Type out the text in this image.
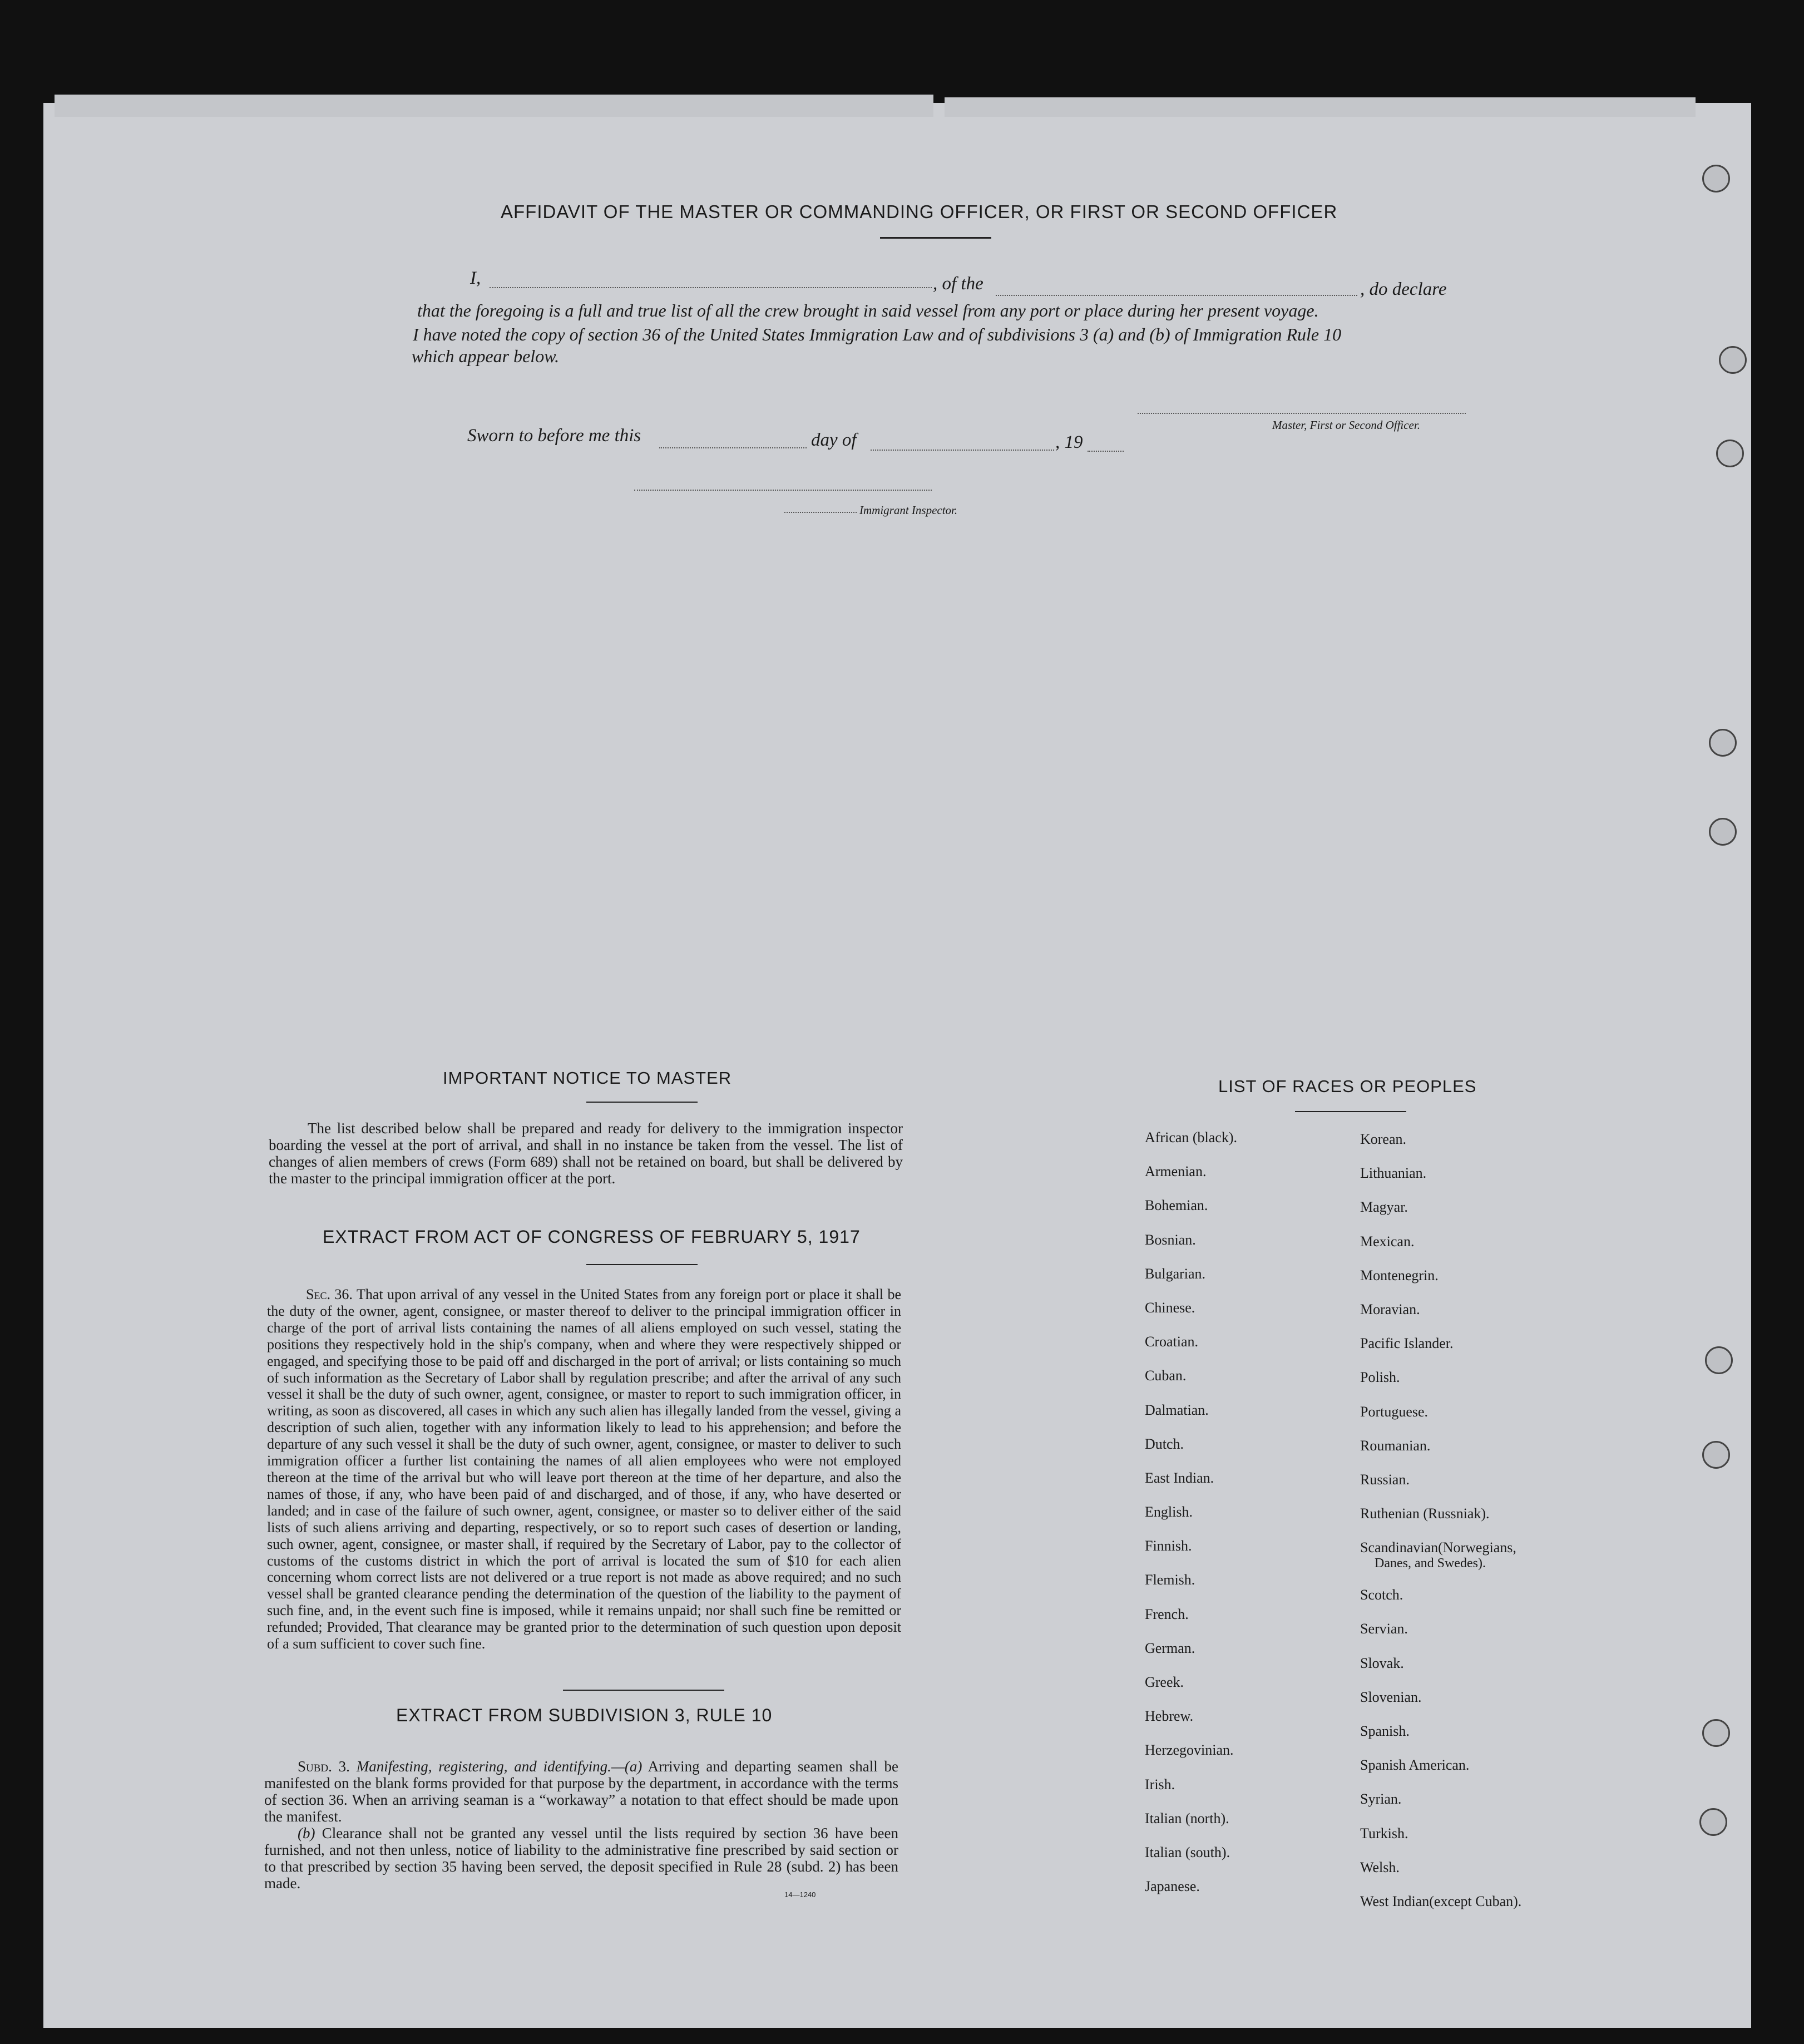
AFFIDAVIT OF THE MASTER OR COMMANDING OFFICER, OR FIRST OR SECOND OFFICER
I,	, of the	, do declare
that the foregoing is a full and true list of all the crew brought in said vessel from any port or place during her present voyage.
I have noted the copy of section 36 of the United States Immigration Law and of subdivisions 3 (a) and (b) of Immigration Rule 10
which appear below.
Master, First or Second Officer.
Sworn to before me this	day of	, 19
Immigrant Inspector.
IMPORTANT NOTICE TO MASTER
The list described below shall be prepared and ready for delivery to the immigration inspector boarding the vessel at the port of arrival, and shall in no instance be taken from the vessel. The list of changes of alien members of crews (Form 689) shall not be retained on board, but shall be delivered by the master to the principal immigration officer at the port.
EXTRACT FROM ACT OF CONGRESS OF FEBRUARY 5, 1917
Sec. 36. That upon arrival of any vessel in the United States from any foreign port or place it shall be the duty of the owner, agent, consignee, or master thereof to deliver to the principal immigration officer in charge of the port of arrival lists containing the names of all aliens employed on such vessel, stating the positions they respectively hold in the ship's company, when and where they were respectively shipped or engaged, and specifying those to be paid off and discharged in the port of arrival; or lists containing so much of such information as the Secretary of Labor shall by regulation prescribe; and after the arrival of any such vessel it shall be the duty of such owner, agent, consignee, or master to report to such immigration officer, in writing, as soon as discovered, all cases in which any such alien has illegally landed from the vessel, giving a description of such alien, together with any information likely to lead to his apprehension; and before the departure of any such vessel it shall be the duty of such owner, agent, consignee, or master to deliver to such immigration officer a further list containing the names of all alien employees who were not employed thereon at the time of the arrival but who will leave port thereon at the time of her departure, and also the names of those, if any, who have been paid of and discharged, and of those, if any, who have deserted or landed; and in case of the failure of such owner, agent, consignee, or master so to deliver either of the said lists of such aliens arriving and departing, respectively, or so to report such cases of desertion or landing, such owner, agent, consignee, or master shall, if required by the Secretary of Labor, pay to the collector of customs of the customs district in which the port of arrival is located the sum of $10 for each alien concerning whom correct lists are not delivered or a true report is not made as above required; and no such vessel shall be granted clearance pending the determination of the question of the liability to the payment of such fine, and, in the event such fine is imposed, while it remains unpaid; nor shall such fine be remitted or refunded; Provided, That clearance may be granted prior to the determination of such question upon deposit of a sum sufficient to cover such fine.
EXTRACT FROM SUBDIVISION 3, RULE 10
Subd. 3. Manifesting, registering, and identifying.—(a) Arriving and departing seamen shall be manifested on the blank forms provided for that purpose by the department, in accordance with the terms of section 36. When an arriving seaman is a “workaway” a notation to that effect should be made upon the manifest.
(b) Clearance shall not be granted any vessel until the lists required by section 36 have been furnished, and not then unless, notice of liability to the administrative fine prescribed by said section or to that prescribed by section 35 having been served, the deposit specified in Rule 28 (subd. 2) has been made.
14—1240
LIST OF RACES OR PEOPLES
African (black).
Armenian.
Bohemian.
Bosnian.
Bulgarian.
Chinese.
Croatian.
Cuban.
Dalmatian.
Dutch.
East Indian.
English.
Finnish.
Flemish.
French.
German.
Greek.
Hebrew.
Herzegovinian.
Irish.
Italian (north).
Italian (south).
Japanese.
Korean.
Lithuanian.
Magyar.
Mexican.
Montenegrin.
Moravian.
Pacific Islander.
Polish.
Portuguese.
Roumanian.
Russian.
Ruthenian (Russniak).
Scandinavian(Norwegians,
Danes, and Swedes).
Scotch.
Servian.
Slovak.
Slovenian.
Spanish.
Spanish American.
Syrian.
Turkish.
Welsh.
West Indian(except Cuban).
